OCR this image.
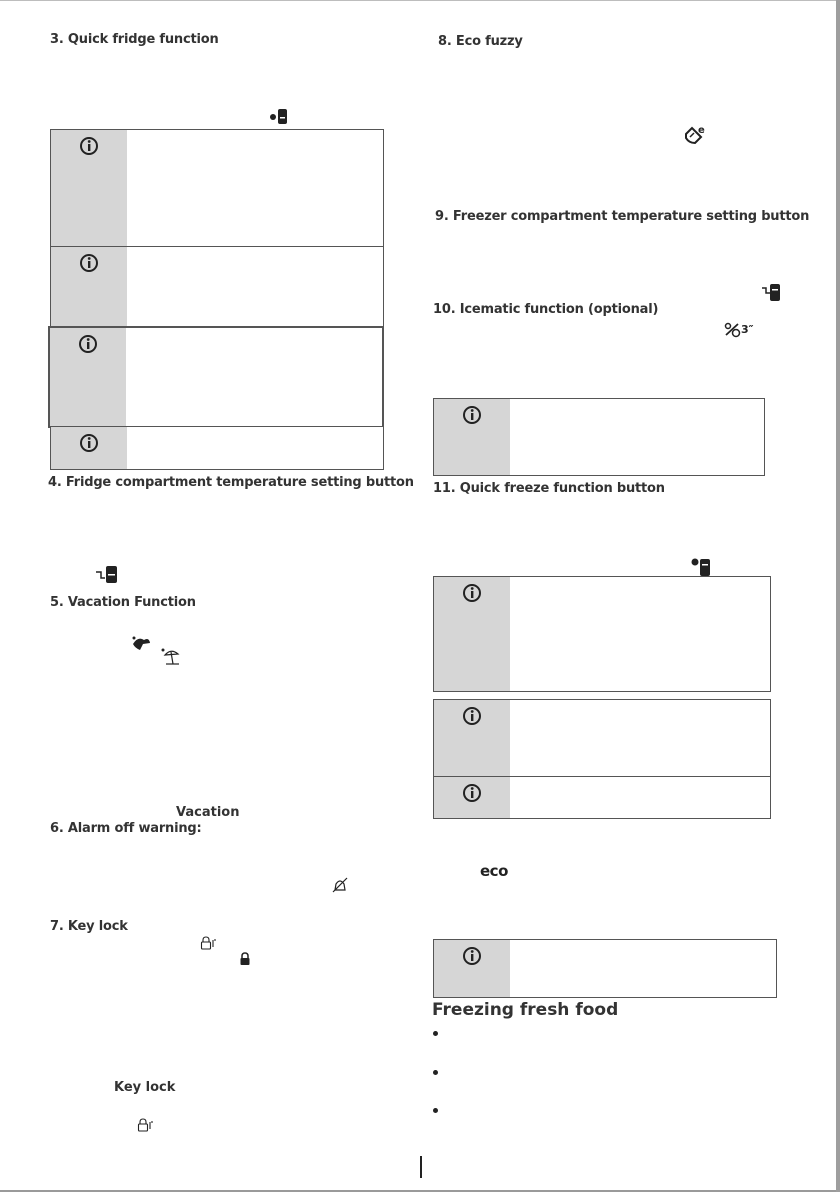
3. Quick fridge function
4. Fridge compartment temperature setting button
5. Vacation Function
Vacation
6. Alarm off warning:
7. Key lock
Key lock
8. Eco fuzzy
e
9. Freezer compartment temperature setting button
10. Icematic function (optional)
3″
11. Quick freeze function button
eco
Freezing fresh food
